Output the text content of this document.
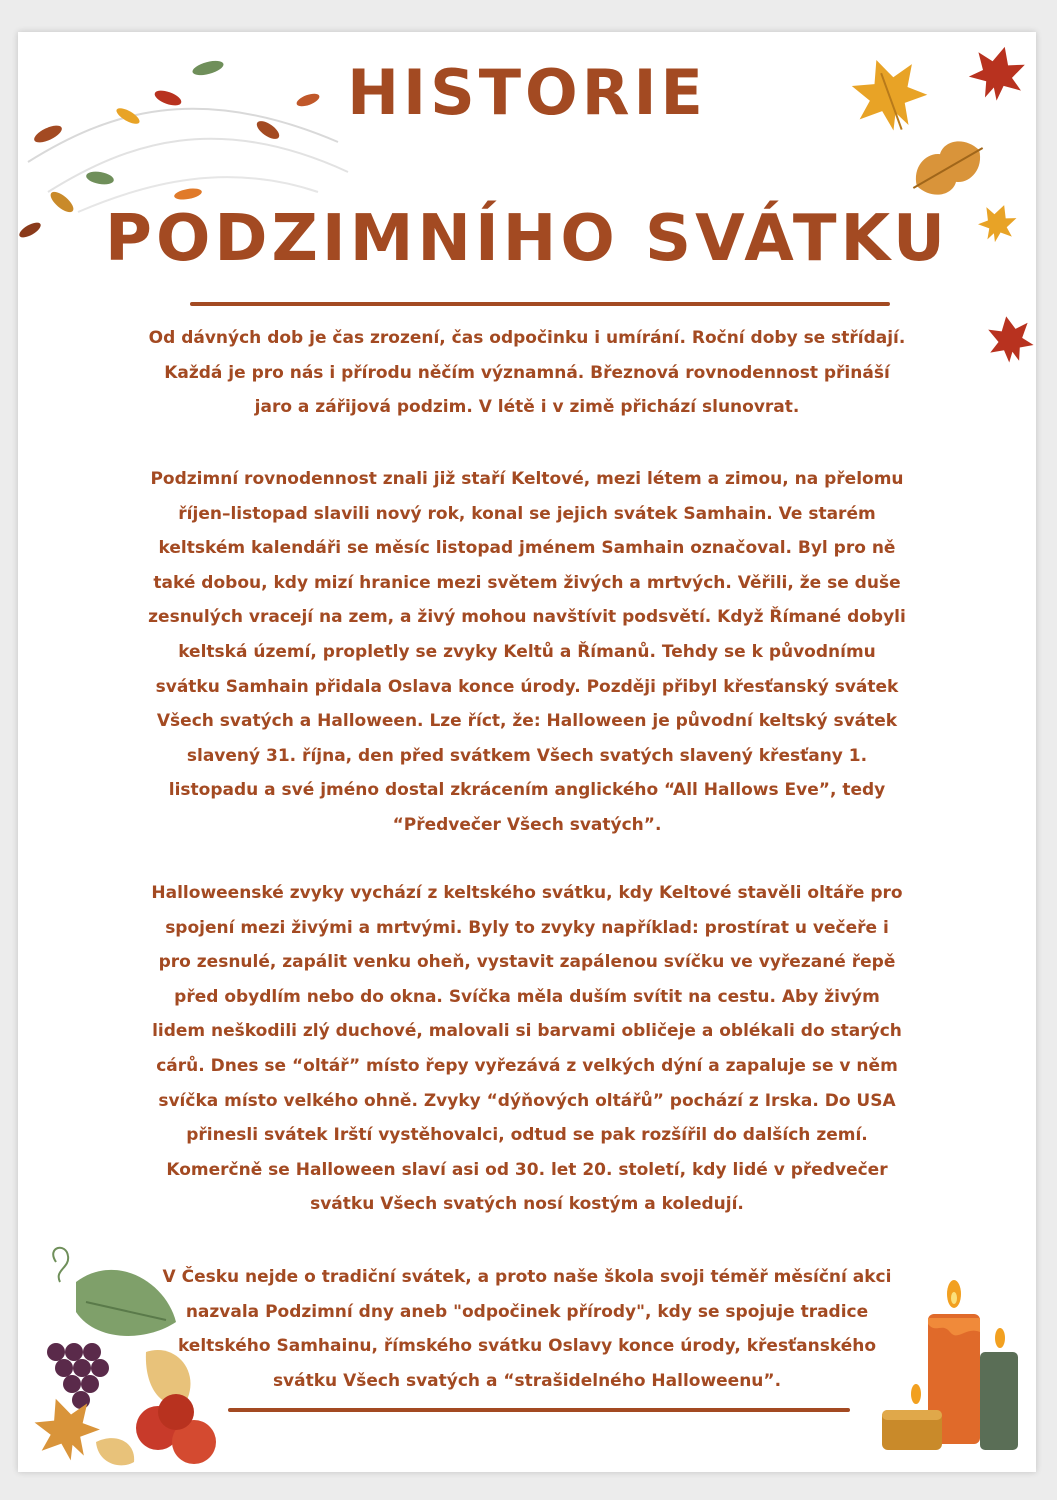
HISTORIE
PODZIMNÍHO SVÁTKU

Od dávných dob je čas zrození, čas odpočinku i umírání. Roční doby se střídají. Každá je pro nás i přírodu něčím významná. Březnová rovnodennost přináší jaro a zářijová podzim. V létě i v zimě přichází slunovrat.

Podzimní rovnodennost znali již staří Keltové, mezi létem a zimou, na přelomu říjen–listopad slavili nový rok, konal se jejich svátek Samhain. Ve starém keltském kalendáři se měsíc listopad jménem Samhain označoval. Byl pro ně také dobou, kdy mizí hranice mezi světem živých a mrtvých. Věřili, že se duše zesnulých vracejí na zem, a živý mohou navštívit podsvětí. Když Římané dobyli keltská území, propletly se zvyky Keltů a Římanů. Tehdy se k původnímu svátku Samhain přidala Oslava konce úrody. Později přibyl křesťanský svátek Všech svatých a Halloween. Lze říct, že: Halloween je původní keltský svátek slavený 31. října, den před svátkem Všech svatých slavený křesťany 1. listopadu a své jméno dostal zkrácením anglického “All Hallows Eve”, tedy “Předvečer Všech svatých”.

Halloweenské zvyky vychází z keltského svátku, kdy Keltové stavěli oltáře pro spojení mezi živými a mrtvými. Byly to zvyky například: prostírat u večeře i pro zesnulé, zapálit venku oheň, vystavit zapálenou svíčku ve vyřezané řepě před obydlím nebo do okna. Svíčka měla duším svítit na cestu. Aby živým lidem neškodili zlý duchové, malovali si barvami obličeje a oblékali do starých cárů. Dnes se “oltář” místo řepy vyřezává z velkých dýní a zapaluje se v něm svíčka místo velkého ohně. Zvyky “dýňových oltářů” pochází z Irska. Do USA přinesli svátek Irští vystěhovalci, odtud se pak rozšířil do dalších zemí. Komerčně se Halloween slaví asi od 30. let 20. století, kdy lidé v předvečer svátku Všech svatých nosí kostým a koledují.

V Česku nejde o tradiční svátek, a proto naše škola svoji téměř měsíční akci nazvala Podzimní dny aneb "odpočinek přírody", kdy se spojuje tradice keltského Samhainu, římského svátku Oslavy konce úrody, křesťanského svátku Všech svatých a “strašidelného Halloweenu”.
